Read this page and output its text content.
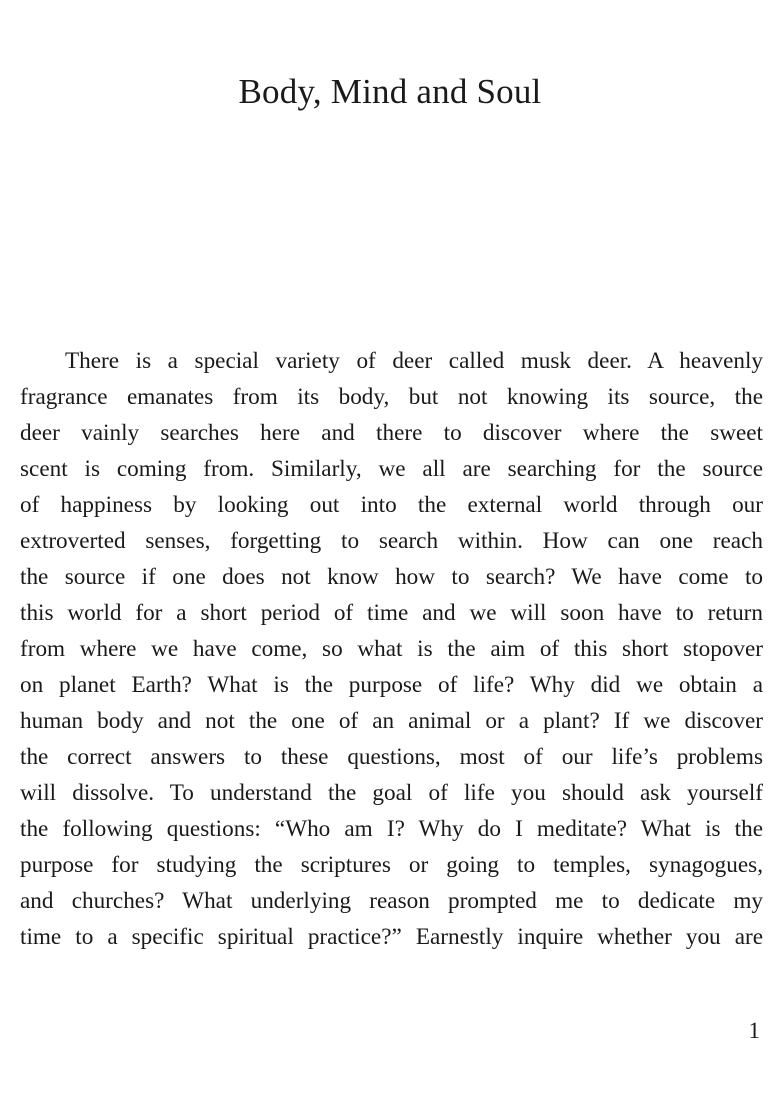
Body, Mind and Soul
There is a special variety of deer called musk deer. A heavenly
fragrance emanates from its body, but not knowing its source, the
deer vainly searches here and there to discover where the sweet
scent is coming from. Similarly, we all are searching for the source
of happiness by looking out into the external world through our
extroverted senses, forgetting to search within. How can one reach
the source if one does not know how to search? We have come to
this world for a short period of time and we will soon have to return
from where we have come, so what is the aim of this short stopover
on planet Earth? What is the purpose of life? Why did we obtain a
human body and not the one of an animal or a plant? If we discover
the correct answers to these questions, most of our life’s problems
will dissolve. To understand the goal of life you should ask yourself
the following questions: “Who am I? Why do I meditate? What is the
purpose for studying the scriptures or going to temples, synagogues,
and churches? What underlying reason prompted me to dedicate my
time to a specific spiritual practice?” Earnestly inquire whether you are
1
